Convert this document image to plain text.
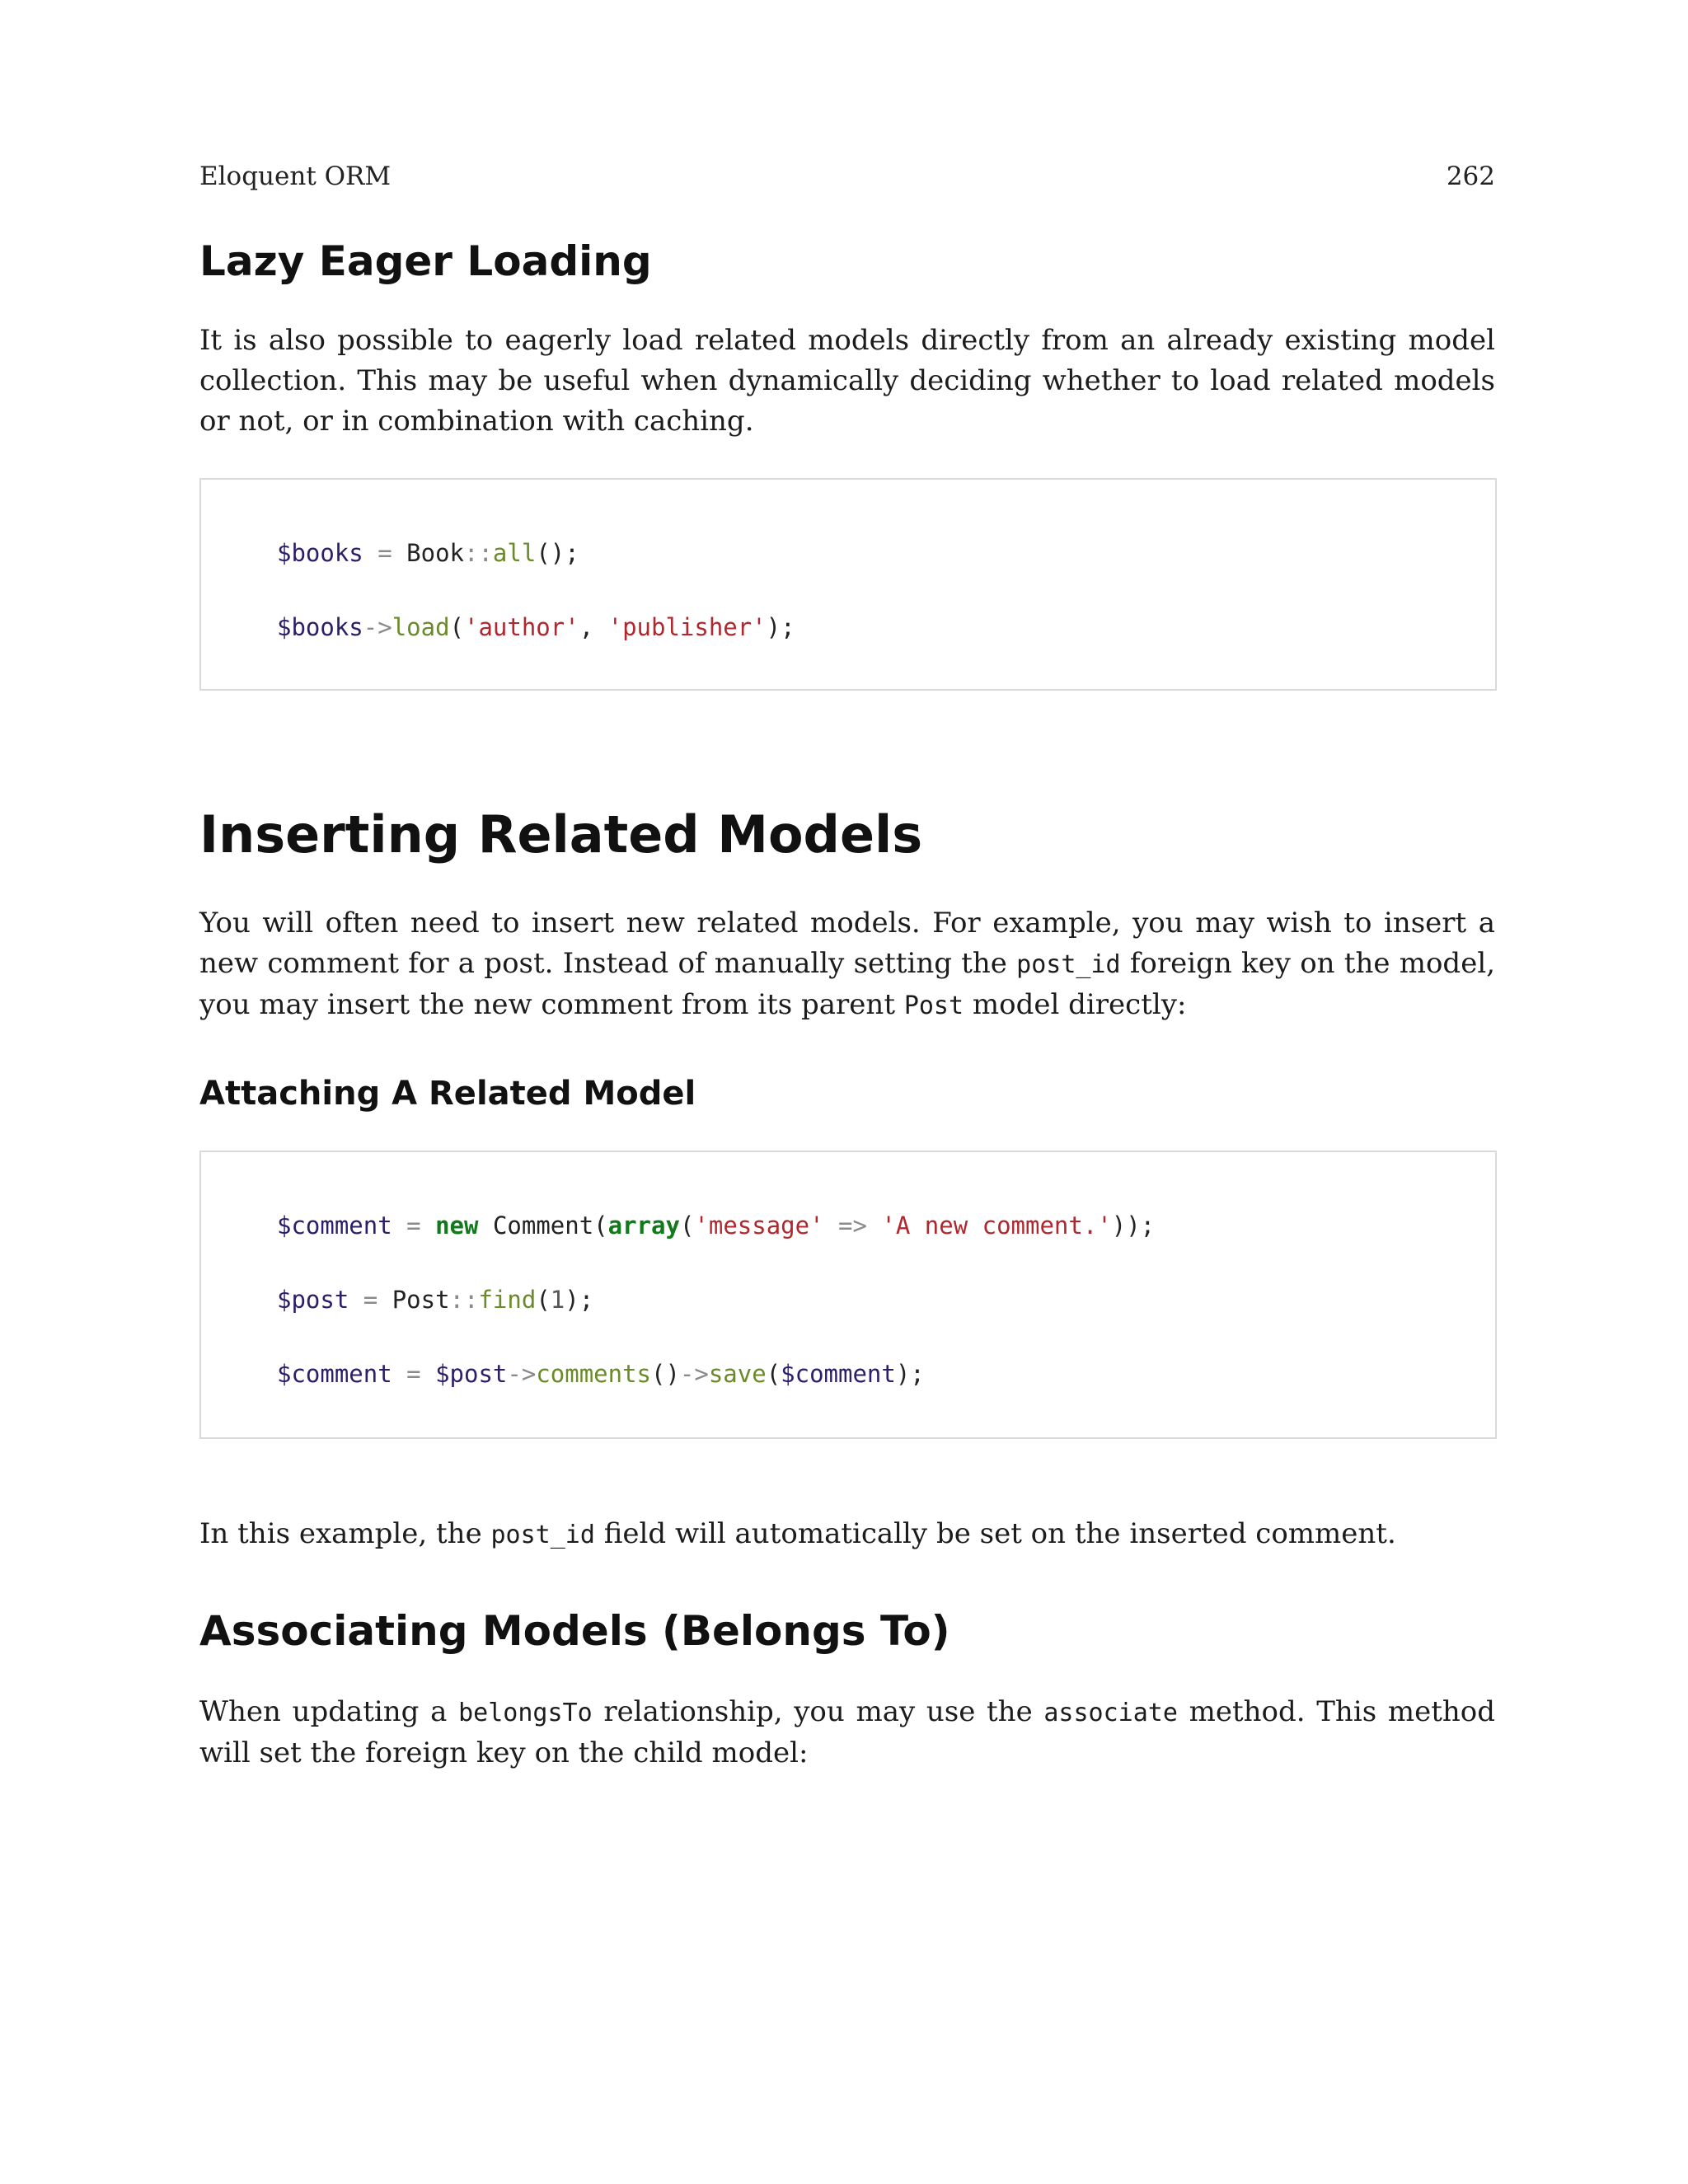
Eloquent ORM	262
Lazy Eager Loading

It is also possible to eagerly load related models directly from an already existing model collection. This may be useful when dynamically deciding whether to load related models or not, or in combination with caching.

$books = Book::all();
$books->load('author', 'publisher');
Inserting Related Models

You will often need to insert new related models. For example, you may wish to insert a new comment for a post. Instead of manually setting the post_id foreign key on the model, you may insert the new comment from its parent Post model directly:

Attaching A Related Model
$comment = new Comment(array('message' => 'A new comment.'));
$post = Post::find(1);
$comment = $post->comments()->save($comment);

In this example, the post_id field will automatically be set on the inserted comment.

Associating Models (Belongs To)

When updating a belongsTo relationship, you may use the associate method. This method will set the foreign key on the child model:
